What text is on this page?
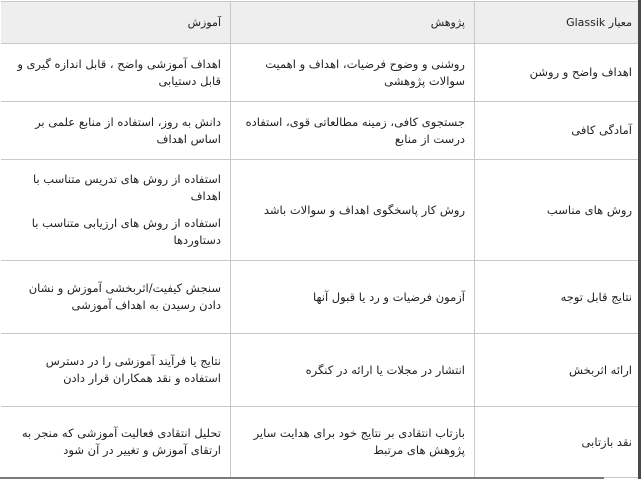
معیار Glassik	پژوهش	آموزش
اهداف واضح و روشن	روشنی و وضوح فرضیات، اهداف و اهمیت سوالات پژوهشی	اهداف آموزشی واضح ، قابل اندازه گیری و قابل دستیابی

آمادگی کافی	جستجوی کافی، زمینه مطالعاتی قوی، استفاده درست از منابع	دانش به روز، استفاده از منابع علمی بر اساس اهداف

روش های مناسب	روش کار پاسخگوی اهداف و سوالات باشد	استفاده از روش های تدریس متناسب با اهداف
استفاده از روش های ارزیابی متناسب با دستاوردها

نتایج قابل توجه	آزمون فرضیات و رد یا قبول آنها	سنجش کیفیت/اثربخشی آموزش و نشان دادن رسیدن به اهداف آموزشی

ارائه اثربخش	انتشار در مجلات یا ارائه در کنگره	نتایج یا فرآیند آموزشی را در دسترس استفاده و نقد همکاران قرار دادن

نقد بازتابی	بازتاب انتقادی بر نتایج خود برای هدایت سایر پژوهش های مرتبط	تحلیل انتقادی فعالیت آموزشی که منجر به ارتقای آموزش و تغییر در آن شود
